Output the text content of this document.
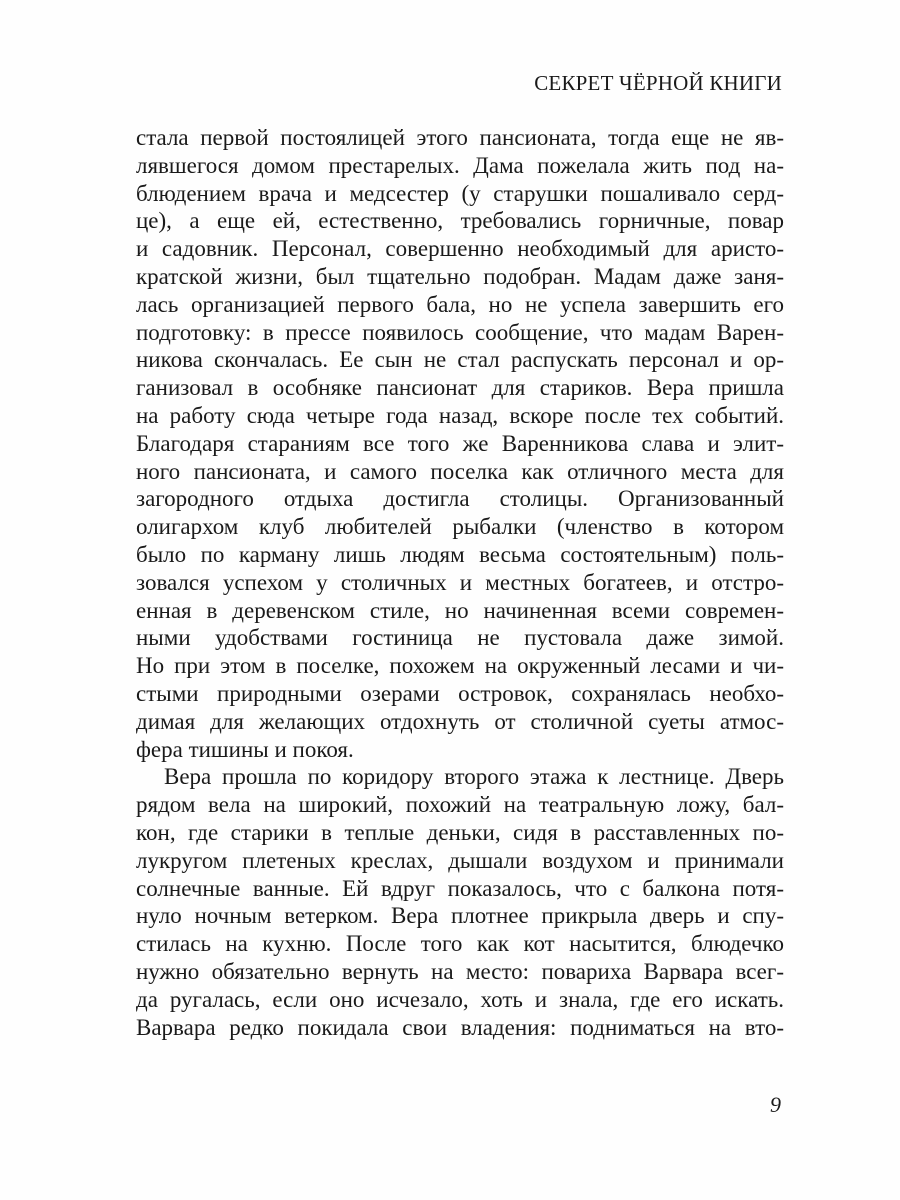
СЕКРЕТ ЧЁРНОЙ КНИГИ
стала первой постоялицей этого пансионата, тогда еще не яв-
лявшегося домом престарелых. Дама пожелала жить под на-
блюдением врача и медсестер (у старушки пошаливало серд-
це), а еще ей, естественно, требовались горничные, повар
и садовник. Персонал, совершенно необходимый для аристо-
кратской жизни, был тщательно подобран. Мадам даже заня-
лась организацией первого бала, но не успела завершить его
подготовку: в прессе появилось сообщение, что мадам Варен-
никова скончалась. Ее сын не стал распускать персонал и ор-
ганизовал в особняке пансионат для стариков. Вера пришла
на работу сюда четыре года назад, вскоре после тех событий.
Благодаря стараниям все того же Варенникова слава и элит-
ного пансионата, и самого поселка как отличного места для
загородного отдыха достигла столицы. Организованный
олигархом клуб любителей рыбалки (членство в котором
было по карману лишь людям весьма состоятельным) поль-
зовался успехом у столичных и местных богатеев, и отстро-
енная в деревенском стиле, но начиненная всеми современ-
ными удобствами гостиница не пустовала даже зимой.
Но при этом в поселке, похожем на окруженный лесами и чи-
стыми природными озерами островок, сохранялась необхо-
димая для желающих отдохнуть от столичной суеты атмос-
фера тишины и покоя.
Вера прошла по коридору второго этажа к лестнице. Дверь
рядом вела на широкий, похожий на театральную ложу, бал-
кон, где старики в теплые деньки, сидя в расставленных по-
лукругом плетеных креслах, дышали воздухом и принимали
солнечные ванные. Ей вдруг показалось, что с балкона потя-
нуло ночным ветерком. Вера плотнее прикрыла дверь и спу-
стилась на кухню. После того как кот насытится, блюдечко
нужно обязательно вернуть на место: повариха Варвара всег-
да ругалась, если оно исчезало, хоть и знала, где его искать.
Варвара редко покидала свои владения: подниматься на вто-
9
